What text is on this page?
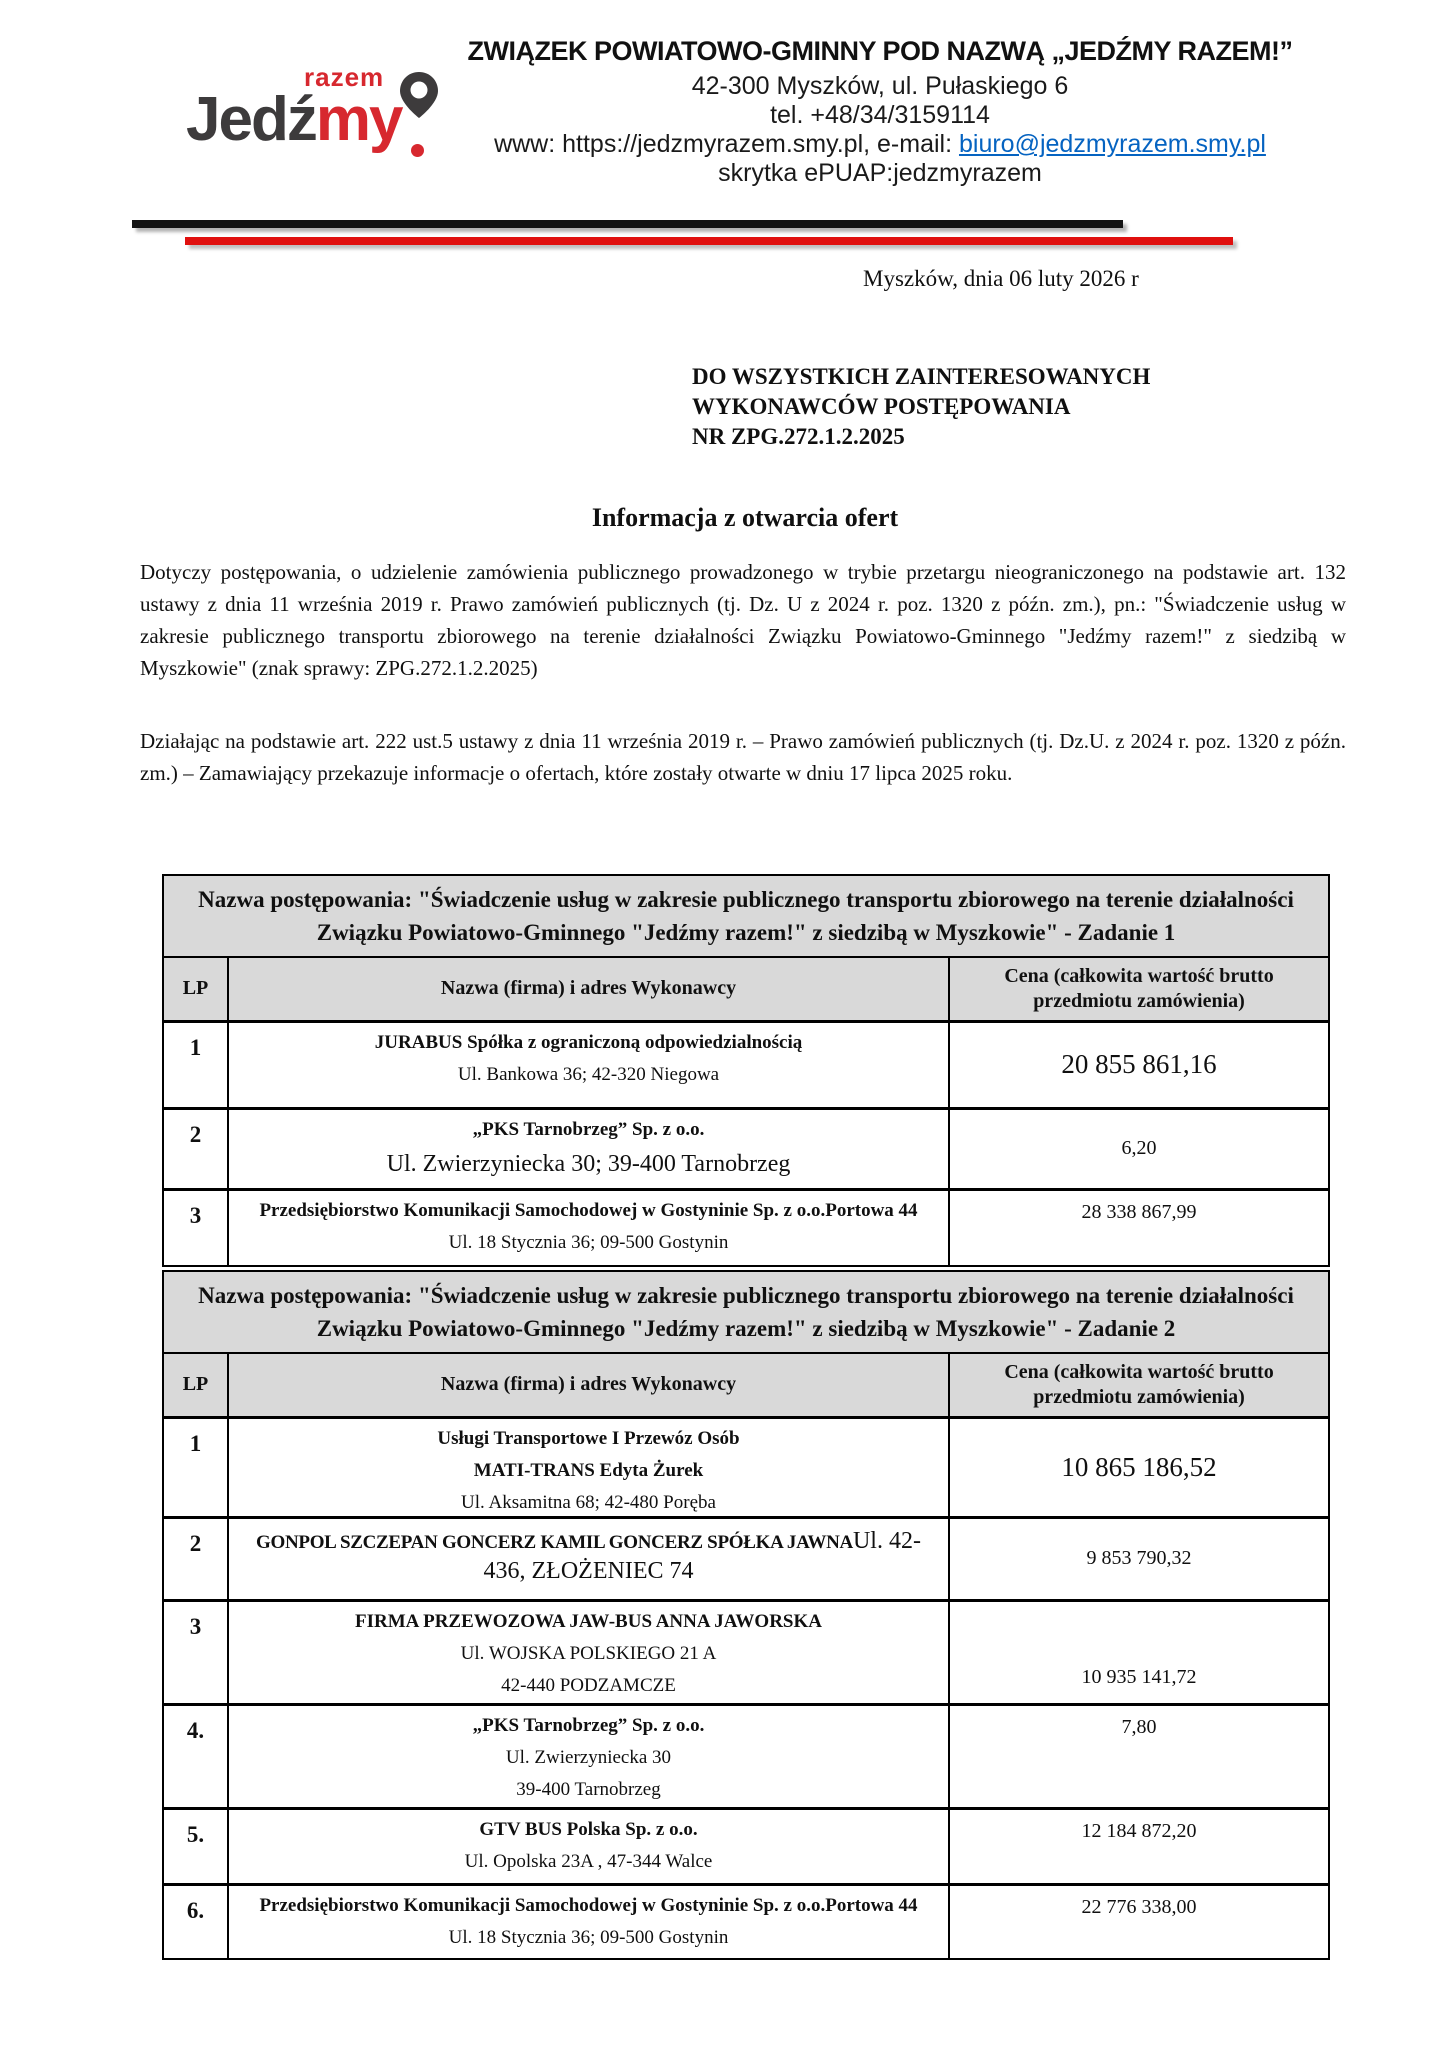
razem
Jedźmy
ZWIĄZEK POWIATOWO-GMINNY POD NAZWĄ „JEDŹMY RAZEM!”
42-300 Myszków, ul. Pułaskiego 6
tel. +48/34/3159114
www: https://jedzmyrazem.smy.pl, e-mail: biuro@jedzmyrazem.smy.pl
skrytka ePUAP:jedzmyrazem
Myszków, dnia 06 luty 2026 r
DO WSZYSTKICH ZAINTERESOWANYCH
WYKONAWCÓW POSTĘPOWANIA
NR ZPG.272.1.2.2025
Informacja z otwarcia ofert

Dotyczy postępowania, o udzielenie zamówienia publicznego prowadzonego w trybie przetargu nieograniczonego na podstawie art. 132 ustawy z dnia 11 września 2019 r. Prawo zamówień publicznych (tj. Dz. U z 2024 r. poz. 1320 z późn. zm.), pn.: "Świadczenie usług w zakresie publicznego transportu zbiorowego na terenie działalności Związku Powiatowo-Gminnego "Jedźmy razem!" z siedzibą w Myszkowie" (znak sprawy: ZPG.272.1.2.2025)

Działając na podstawie art. 222 ust.5 ustawy z dnia 11 września 2019 r. – Prawo zamówień publicznych (tj. Dz.U. z 2024 r. poz. 1320 z późn. zm.) – Zamawiający przekazuje informacje o ofertach, które zostały otwarte w dniu 17 lipca 2025 roku.

Nazwa postępowania: "Świadczenie usług w zakresie publicznego transportu zbiorowego na terenie działalności Związku Powiatowo-Gminnego "Jedźmy razem!" z siedzibą w Myszkowie" - Zadanie 1		
LP	Nazwa (firma) i adres Wykonawcy	Cena (całkowita wartość brutto przedmiotu zamówienia)
1	JURABUS Spółka z ograniczoną odpowiedzialnością

Ul. Bankowa 36; 42-320 Niegowa	20 855 861,16
2	„PKS Tarnobrzeg” Sp. z o.o.

Ul. Zwierzyniecka 30; 39-400 Tarnobrzeg	6,20
3	Przedsiębiorstwo Komunikacji Samochodowej w Gostyninie Sp. z o.o.Portowa 44

Ul. 18 Stycznia 36; 09-500 Gostynin	28 338 867,99
Nazwa postępowania: "Świadczenie usług w zakresie publicznego transportu zbiorowego na terenie działalności Związku Powiatowo-Gminnego "Jedźmy razem!" z siedzibą w Myszkowie" - Zadanie 2		
LP	Nazwa (firma) i adres Wykonawcy	Cena (całkowita wartość brutto przedmiotu zamówienia)
1	Usługi Transportowe I Przewóz Osób

MATI-TRANS Edyta Żurek

Ul. Aksamitna 68; 42-480 Poręba	10 865 186,52
2	GONPOL SZCZEPAN GONCERZ KAMIL GONCERZ SPÓŁKA JAWNAUl. 42-436, ZŁOŻENIEC 74	9 853 790,32
3	FIRMA PRZEWOZOWA JAW-BUS ANNA JAWORSKA

Ul. WOJSKA POLSKIEGO 21 A

42-440 PODZAMCZE	10 935 141,72
4.	„PKS Tarnobrzeg” Sp. z o.o.

Ul. Zwierzyniecka 30

39-400 Tarnobrzeg	7,80
5.	GTV BUS Polska Sp. z o.o.

Ul. Opolska 23A , 47-344 Walce	12 184 872,20
6.	Przedsiębiorstwo Komunikacji Samochodowej w Gostyninie Sp. z o.o.Portowa 44

Ul. 18 Stycznia 36; 09-500 Gostynin	22 776 338,00
